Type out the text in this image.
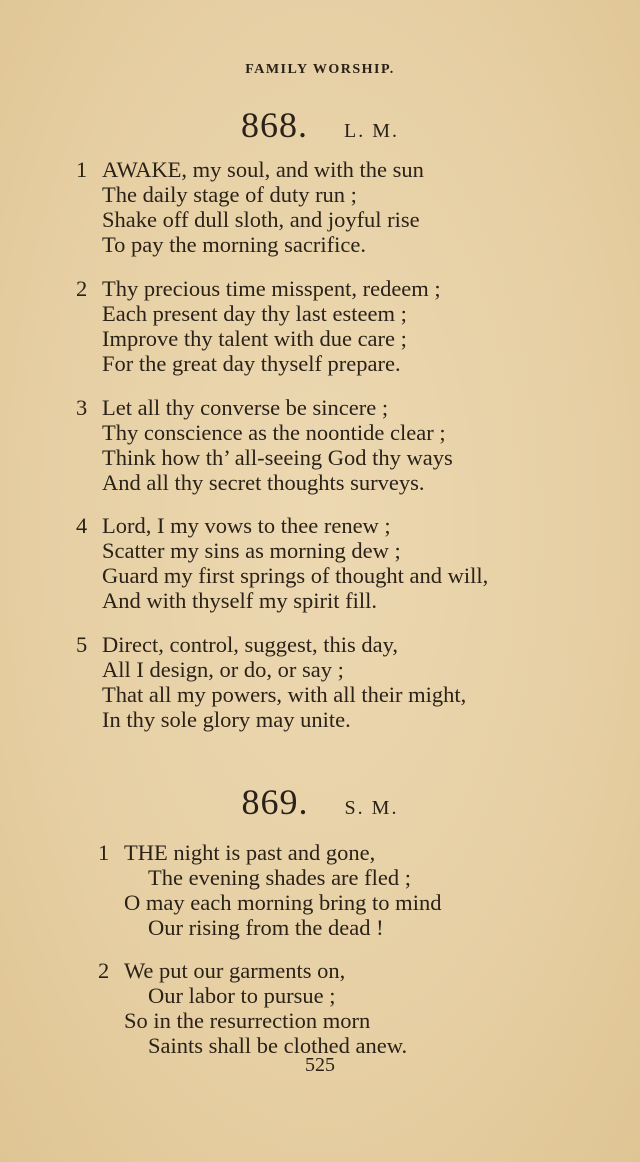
FAMILY WORSHIP.
868. L. M.
1 AWAKE, my soul, and with the sun
The daily stage of duty run ;
Shake off dull sloth, and joyful rise
To pay the morning sacrifice.
2 Thy precious time misspent, redeem ;
Each present day thy last esteem ;
Improve thy talent with due care ;
For the great day thyself prepare.
3 Let all thy converse be sincere ;
Thy conscience as the noontide clear ;
Think how th’ all-seeing God thy ways
And all thy secret thoughts surveys.
4 Lord, I my vows to thee renew ;
Scatter my sins as morning dew ;
Guard my first springs of thought and will,
And with thyself my spirit fill.
5 Direct, control, suggest, this day,
All I design, or do, or say ;
That all my powers, with all their might,
In thy sole glory may unite.
869. S. M.
1 THE night is past and gone,
The evening shades are fled ;
O may each morning bring to mind
Our rising from the dead !
2 We put our garments on,
Our labor to pursue ;
So in the resurrection morn
Saints shall be clothed anew.
525
